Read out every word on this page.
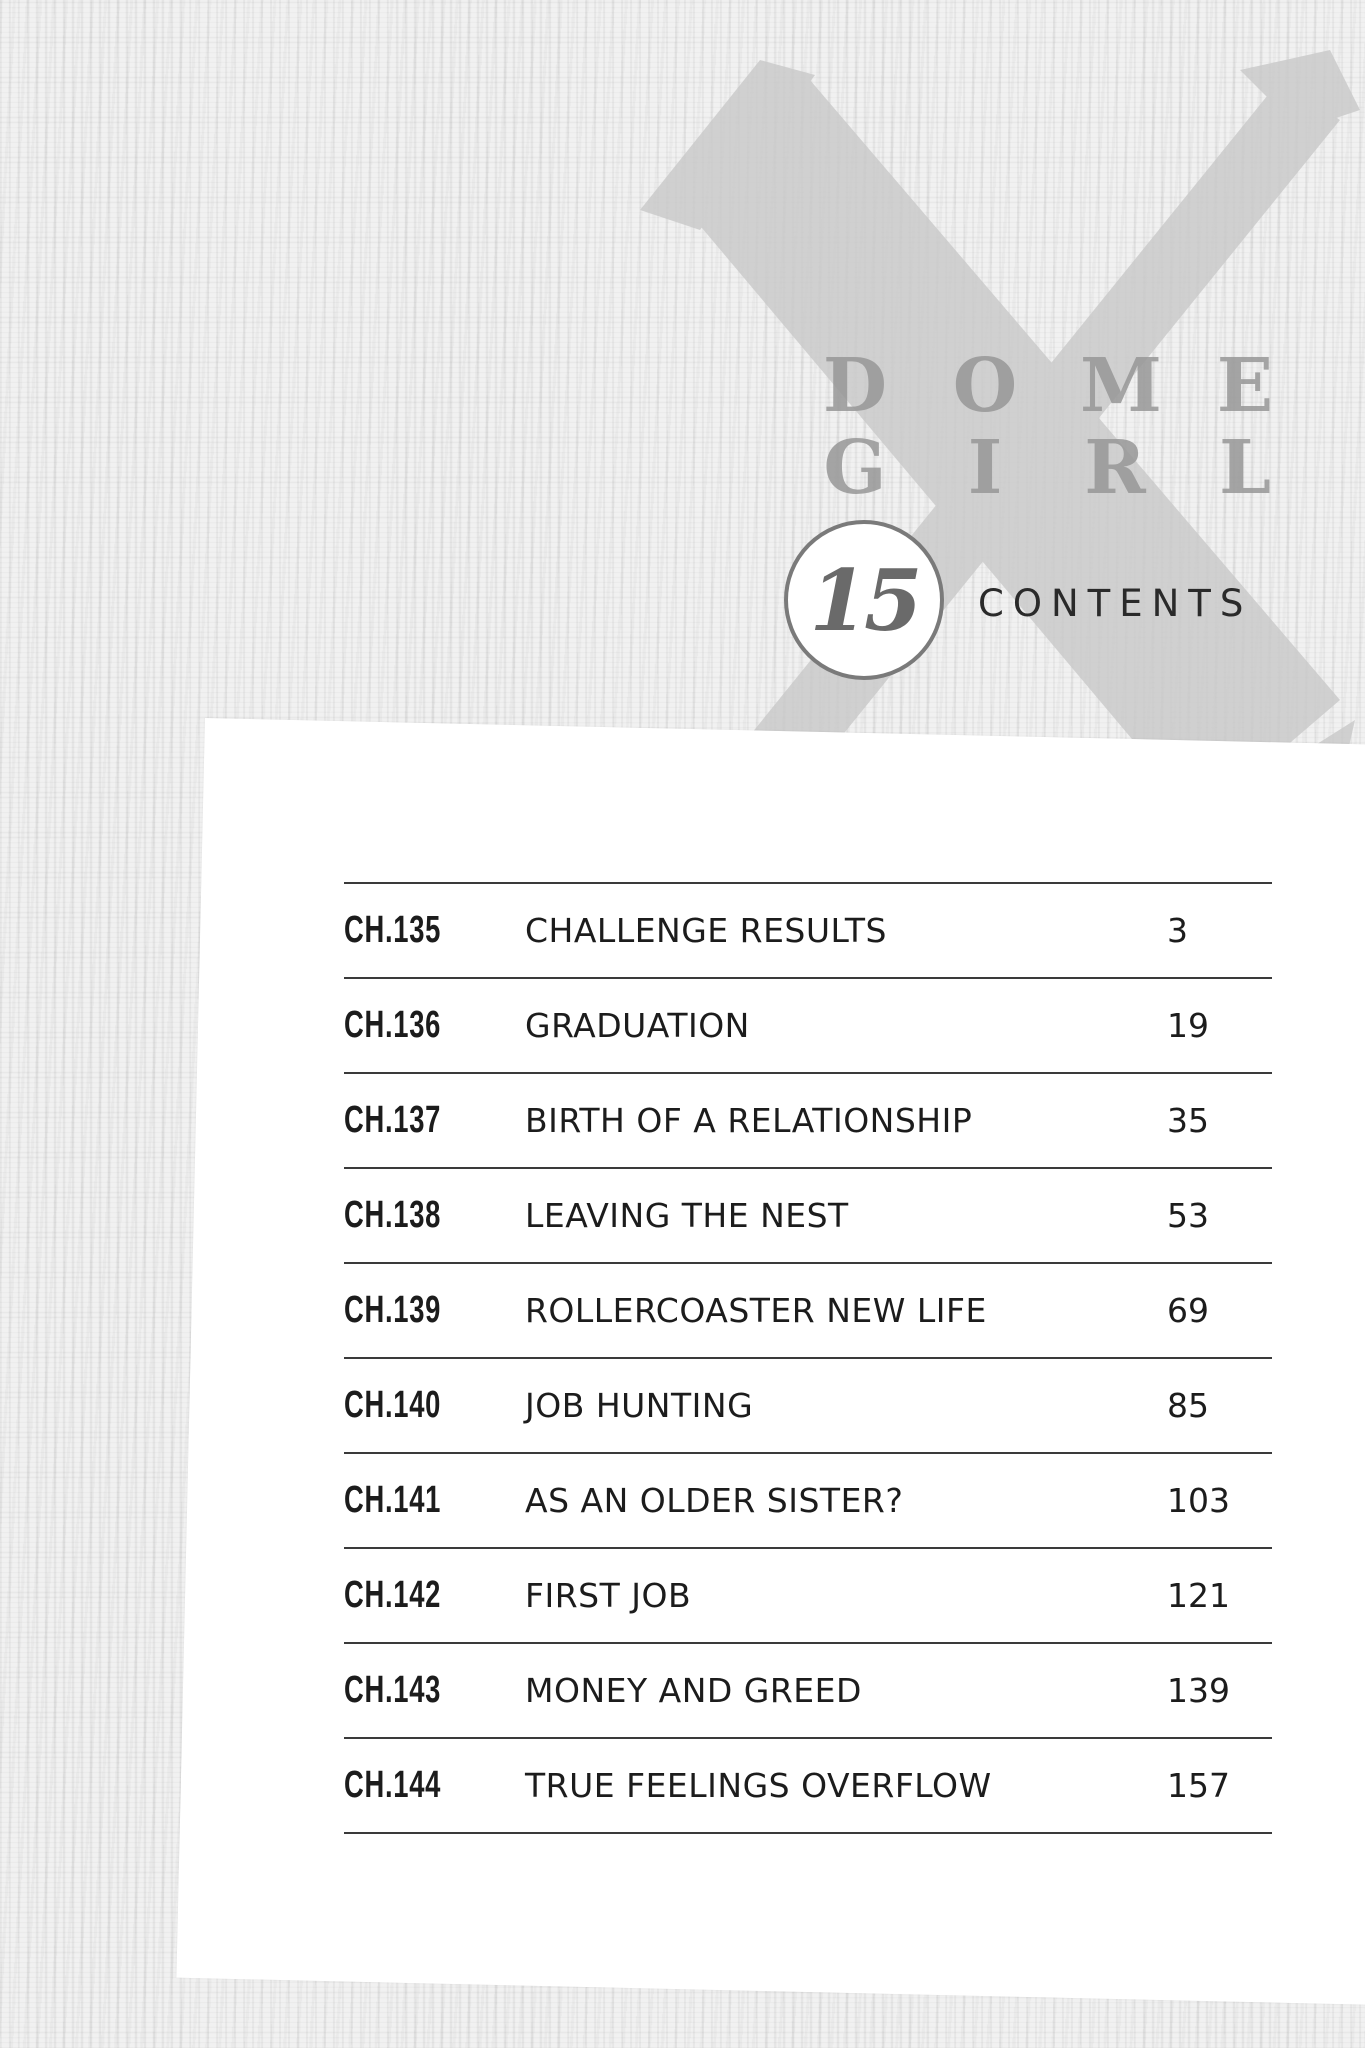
D O M E
G I R L
15 CONTENTS
CH.135	CHALLENGE RESULTS	3
CH.136	GRADUATION	19
CH.137	BIRTH OF A RELATIONSHIP	35
CH.138	LEAVING THE NEST	53
CH.139	ROLLERCOASTER NEW LIFE	69
CH.140	JOB HUNTING	85
CH.141	AS AN OLDER SISTER?	103
CH.142	FIRST JOB	121
CH.143	MONEY AND GREED	139
CH.144	TRUE FEELINGS OVERFLOW	157
